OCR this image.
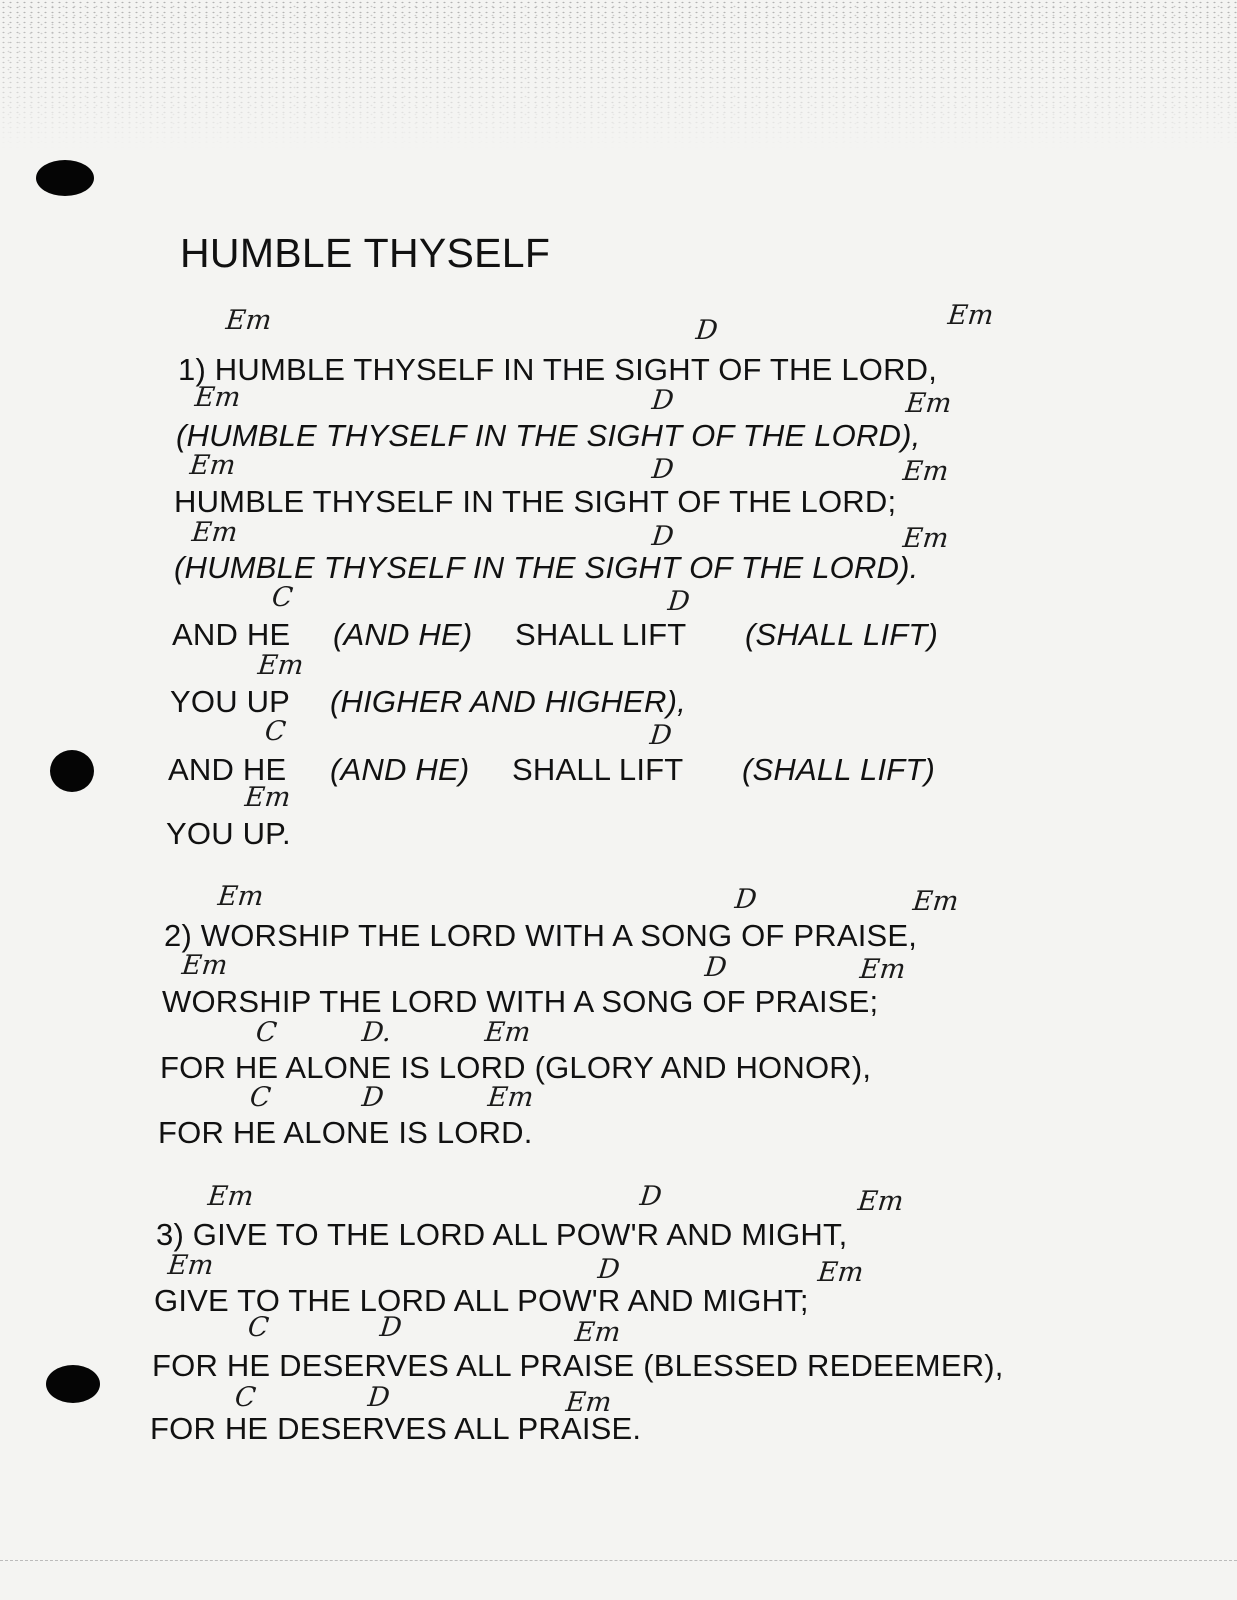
HUMBLE THYSELF
1) HUMBLE THYSELF IN THE SIGHT OF THE LORD,
Em	D	Em
(HUMBLE THYSELF IN THE SIGHT OF THE LORD),
Em	D	Em
HUMBLE THYSELF IN THE SIGHT OF THE LORD;
Em	D	Em
(HUMBLE THYSELF IN THE SIGHT OF THE LORD).
Em	D	Em
AND HE (AND HE) SHALL LIFT (SHALL LIFT)
C	D
YOU UP (HIGHER AND HIGHER),
Em
AND HE (AND HE) SHALL LIFT (SHALL LIFT)
C	D
YOU UP.
Em
2) WORSHIP THE LORD WITH A SONG OF PRAISE,
Em	D	Em
WORSHIP THE LORD WITH A SONG OF PRAISE;
Em	D	Em
FOR HE ALONE IS LORD (GLORY AND HONOR),
C	D.	Em
FOR HE ALONE IS LORD.
C	D	Em
3) GIVE TO THE LORD ALL POW'R AND MIGHT,
Em	D	Em
GIVE TO THE LORD ALL POW'R AND MIGHT;
Em	D	Em
FOR HE DESERVES ALL PRAISE (BLESSED REDEEMER),
C	D	Em
FOR HE DESERVES ALL PRAISE.
C	D	Em
